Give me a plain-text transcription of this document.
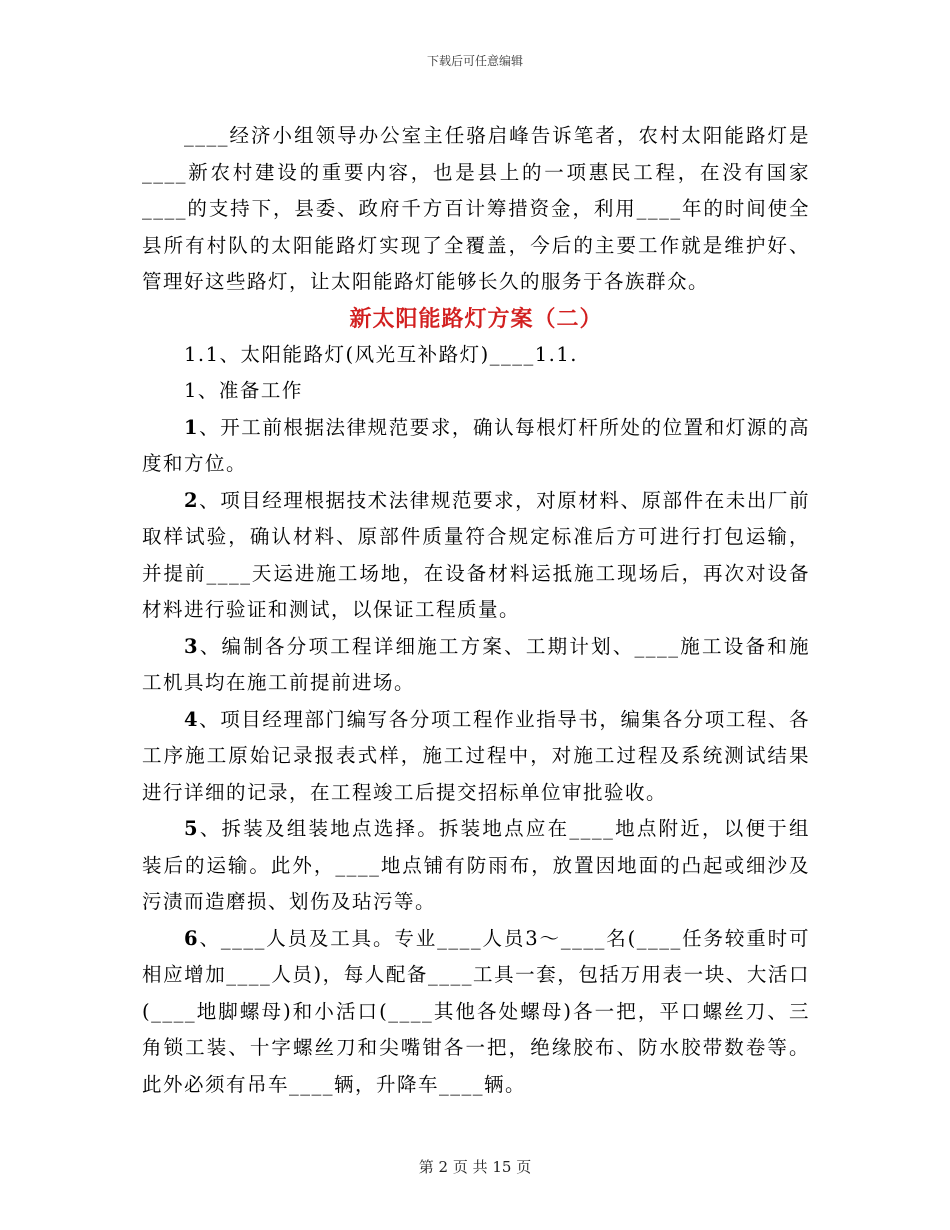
下载后可任意编辑

____经济小组领导办公室主任骆启峰告诉笔者，农村太阳能路灯是____新农村建设的重要内容，也是县上的一项惠民工程，在没有国家____的支持下，县委、政府千方百计筹措资金，利用____年的时间使全县所有村队的太阳能路灯实现了全覆盖，今后的主要工作就是维护好、管理好这些路灯，让太阳能路灯能够长久的服务于各族群众。

新太阳能路灯方案（二）

1.1、太阳能路灯(风光互补路灯)____1.1.

1、准备工作

1、开工前根据法律规范要求，确认每根灯杆所处的位置和灯源的高度和方位。

2、项目经理根据技术法律规范要求，对原材料、原部件在未出厂前取样试验，确认材料、原部件质量符合规定标准后方可进行打包运输，并提前____天运进施工场地，在设备材料运抵施工现场后，再次对设备材料进行验证和测试，以保证工程质量。

3、编制各分项工程详细施工方案、工期计划、____施工设备和施工机具均在施工前提前进场。

4、项目经理部门编写各分项工程作业指导书，编集各分项工程、各工序施工原始记录报表式样，施工过程中，对施工过程及系统测试结果进行详细的记录，在工程竣工后提交招标单位审批验收。

5、拆装及组装地点选择。拆装地点应在____地点附近，以便于组装后的运输。此外，____地点铺有防雨布，放置因地面的凸起或细沙及污渍而造磨损、划伤及玷污等。

6、____人员及工具。专业____人员3～____名(____任务较重时可相应增加____人员)，每人配备____工具一套，包括万用表一块、大活口(____地脚螺母)和小活口(____其他各处螺母)各一把，平口螺丝刀、三角锁工装、十字螺丝刀和尖嘴钳各一把，绝缘胶布、防水胶带数卷等。此外必须有吊车____辆，升降车____辆。

第 2 页 共 15 页
